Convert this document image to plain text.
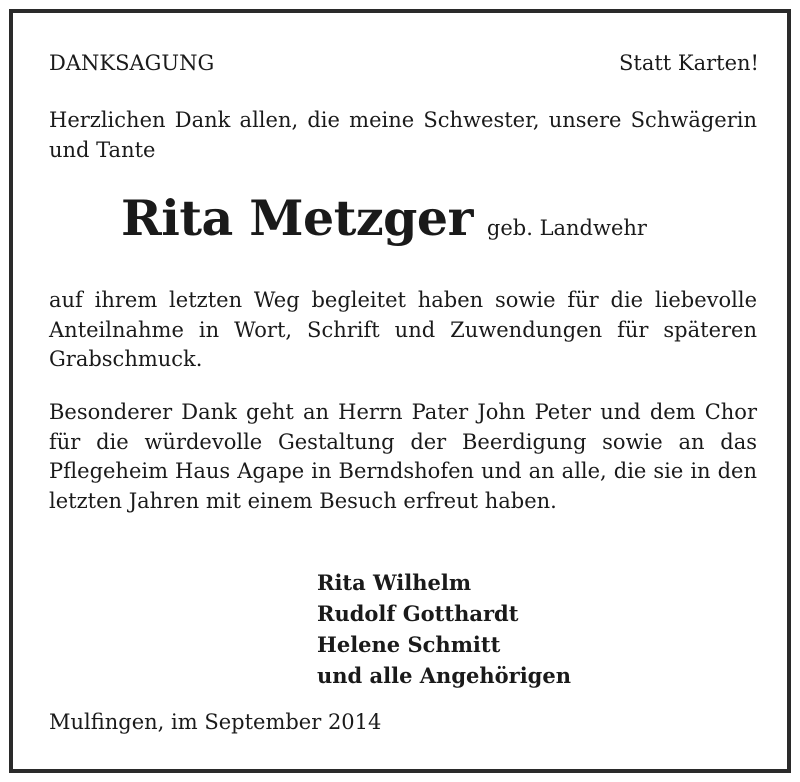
DANKSAGUNG	Statt Karten!

Herzlichen Dank allen, die meine Schwester, unsere Schwägerin und Tante

Rita Metzger geb. Landwehr

auf ihrem letzten Weg begleitet haben sowie für die liebevolle Anteilnahme in Wort, Schrift und Zuwendungen für späteren Grabschmuck.

Besonderer Dank geht an Herrn Pater John Peter und dem Chor für die würdevolle Gestaltung der Beerdigung sowie an das Pflegeheim Haus Agape in Berndshofen und an alle, die sie in den letzten Jahren mit einem Besuch erfreut haben.

Rita Wilhelm
Rudolf Gotthardt
Helene Schmitt
und alle Angehörigen
Mulfingen, im September 2014
